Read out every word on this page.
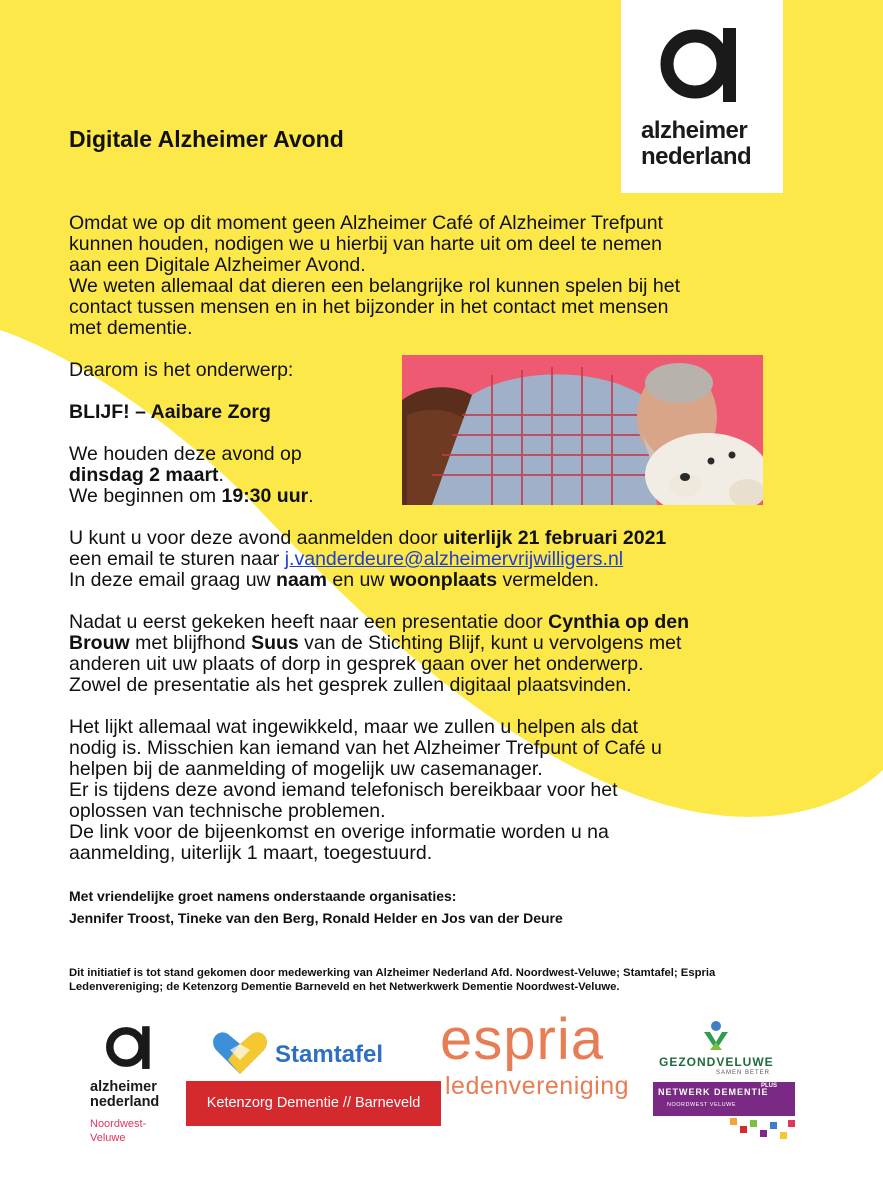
alzheimer
nederland
Digitale Alzheimer Avond

Omdat we op dit moment geen Alzheimer Café of Alzheimer Trefpunt

kunnen houden, nodigen we u hierbij van harte uit om deel te nemen

aan een Digitale Alzheimer Avond.

We weten allemaal dat dieren een belangrijke rol kunnen spelen bij het

contact tussen mensen en in het bijzonder in het contact met mensen

met dementie.

Daarom is het onderwerp:

BLIJF! – Aaibare Zorg

We houden deze avond op

dinsdag 2 maart.

We beginnen om 19:30 uur.

U kunt u voor deze avond aanmelden door uiterlijk 21 februari 2021

een email te sturen naar j.vanderdeure@alzheimervrijwilligers.nl

In deze email graag uw naam en uw woonplaats vermelden.

Nadat u eerst gekeken heeft naar een presentatie door Cynthia op den

Brouw met blijfhond Suus van de Stichting Blijf, kunt u vervolgens met

anderen uit uw plaats of dorp in gesprek gaan over het onderwerp.

Zowel de presentatie als het gesprek zullen digitaal plaatsvinden.

Het lijkt allemaal wat ingewikkeld, maar we zullen u helpen als dat

nodig is. Misschien kan iemand van het Alzheimer Trefpunt of Café u

helpen bij de aanmelding of mogelijk uw casemanager.

Er is tijdens deze avond iemand telefonisch bereikbaar voor het

oplossen van technische problemen.

De link voor de bijeenkomst en overige informatie worden u na

aanmelding, uiterlijk 1 maart, toegestuurd.

Met vriendelijke groet namens onderstaande organisaties:

Jennifer Troost, Tineke van den Berg, Ronald Helder en Jos van der Deure

Dit initiatief is tot stand gekomen door medewerking van Alzheimer Nederland Afd. Noordwest-Veluwe; Stamtafel; Espria Ledenvereniging; de Ketenzorg Dementie Barneveld en het Netwerkwerk Dementie Noordwest-Veluwe.

alzheimer
nederland
Noordwest-
Veluwe
Stamtafel
Ketenzorg Dementie // Barneveld
espria
ledenvereniging
GEZONDVELUWE
SAMEN BETER
NETWERK DEMENTIE
PLUS
NOORDWEST VELUWE
